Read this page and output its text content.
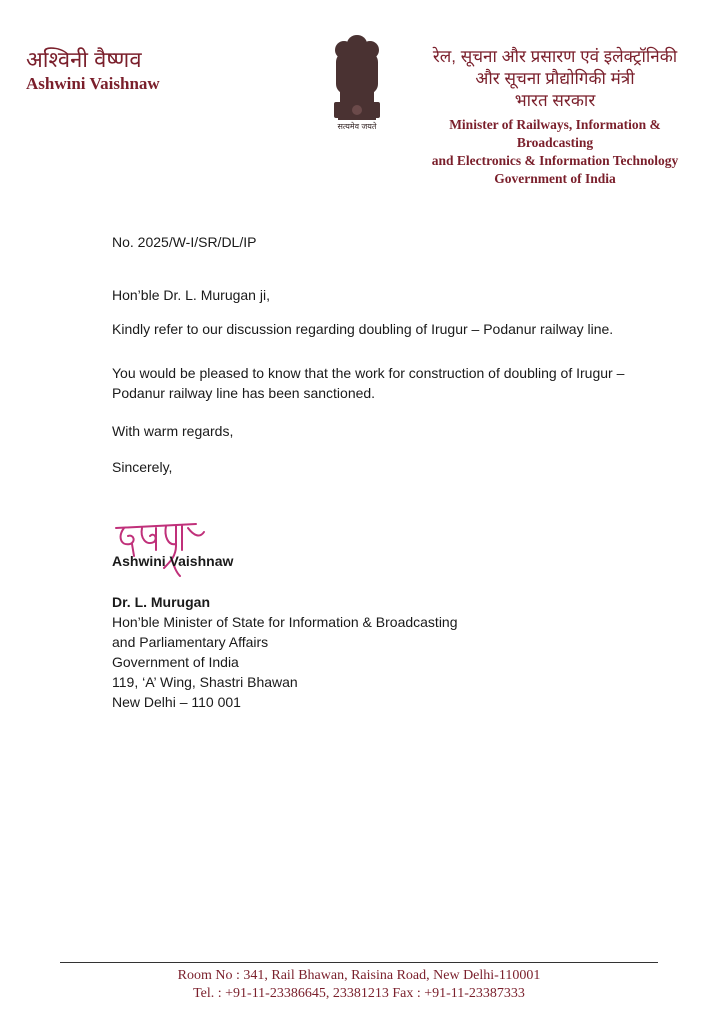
अश्विनी वैष्णव
Ashwini Vaishnaw
सत्यमेव जयते
रेल, सूचना और प्रसारण एवं इलेक्ट्रॉनिकी
और सूचना प्रौद्योगिकी मंत्री
भारत सरकार
Minister of Railways, Information & Broadcasting
and Electronics & Information Technology
Government of India
No. 2025/W-I/SR/DL/IP
Hon’ble Dr. L. Murugan ji,
Kindly refer to our discussion regarding doubling of Irugur – Podanur railway line.
You would be pleased to know that the work for construction of doubling of Irugur – Podanur railway line has been sanctioned.
With warm regards,
Sincerely,
Ashwini Vaishnaw
Dr. L. Murugan
Hon’ble Minister of State for Information & Broadcasting
and Parliamentary Affairs
Government of India
119, ‘A’ Wing, Shastri Bhawan
New Delhi – 110 001
Room No : 341, Rail Bhawan, Raisina Road, New Delhi-110001
Tel. : +91-11-23386645, 23381213 Fax : +91-11-23387333
